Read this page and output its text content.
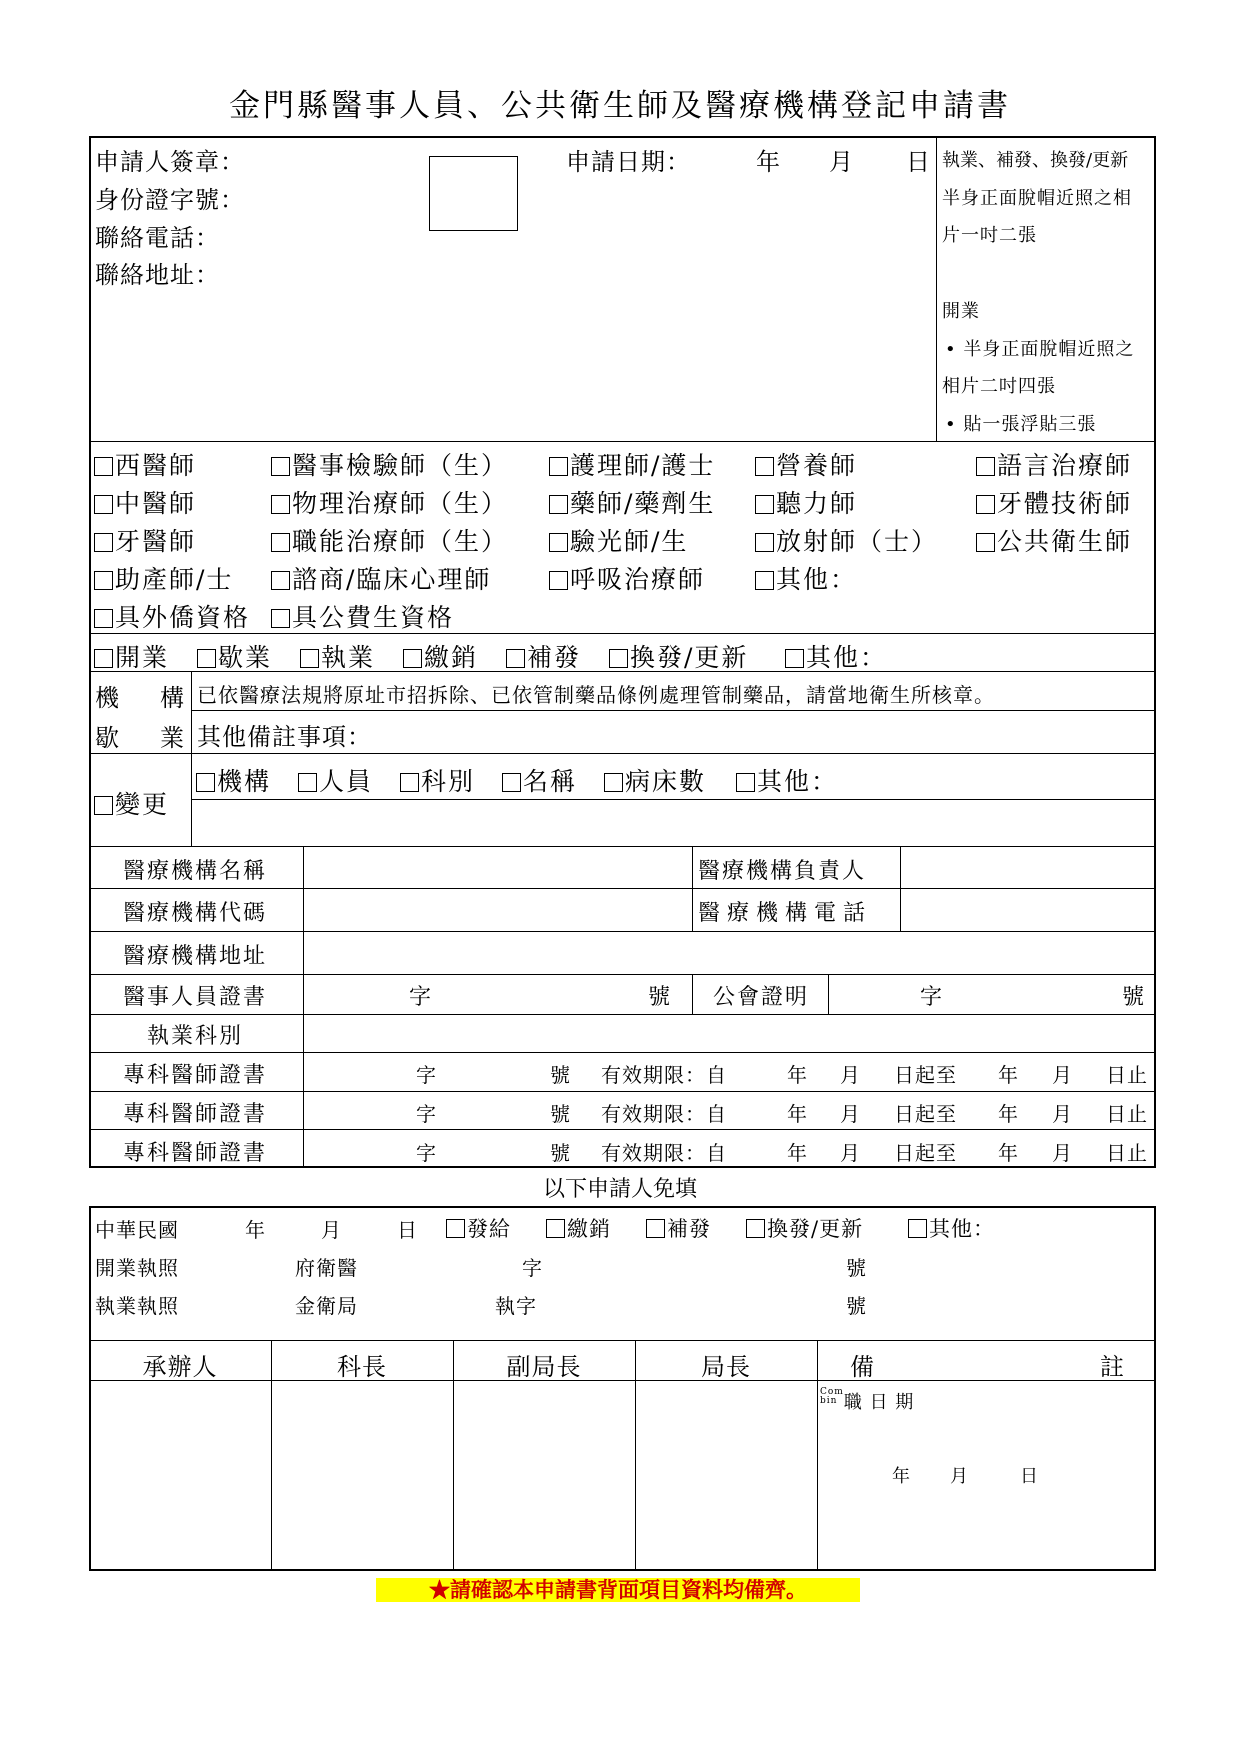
金門縣醫事人員、公共衛生師及醫療機構登記申請書
申請人簽章：
身份證字號：
聯絡電話：
聯絡地址：
申請日期：	年 月 日 執業、補發、換發/更新
半身正面脫帽近照之相
片一吋二張
開業
• 半身正面脫帽近照之
相片二吋四張
• 貼一張浮貼三張
西醫師	醫事檢驗師（生）	護理師/護士	營養師	語言治療師
中醫師	物理治療師（生）	藥師/藥劑生	聽力師	牙體技術師
牙醫師	職能治療師（生）	驗光師/生	放射師（士）	公共衛生師
助產師/士	諮商/臨床心理師	呼吸治療師	其他：
具外僑資格	具公費生資格
開業	歇業	執業	繳銷	補發	換發/更新	其他：
機 構
歇 業
已依醫療法規將原址市招拆除、已依管制藥品條例處理管制藥品，請當地衛生所核章。
其他備註事項：
變更
機構	人員	科別	名稱	病床數	其他：
醫療機構名稱	醫療機構負責人
醫療機構代碼	醫 療 機 構 電 話
醫療機構地址
醫事人員證書	字	號 公會證明	字	號
執業科別
專科醫師證書	字	號 有效期限：自	年 月 日起至 年 月 日止
專科醫師證書	字	號 有效期限：自	年 月 日起至 年 月 日止
專科醫師證書	字	號 有效期限：自	年 月 日起至 年 月 日止
以下申請人免填
中華民國	年	月	日	發給	繳銷	補發	換發/更新	其他：
開業執照	府衛醫	字	號
執業執照	金衛局	執字	號
承辦人	科長	副局長	局長	備	註
Com
bin 職 日 期
年 月	日
★請確認本申請書背面項目資料均備齊。
